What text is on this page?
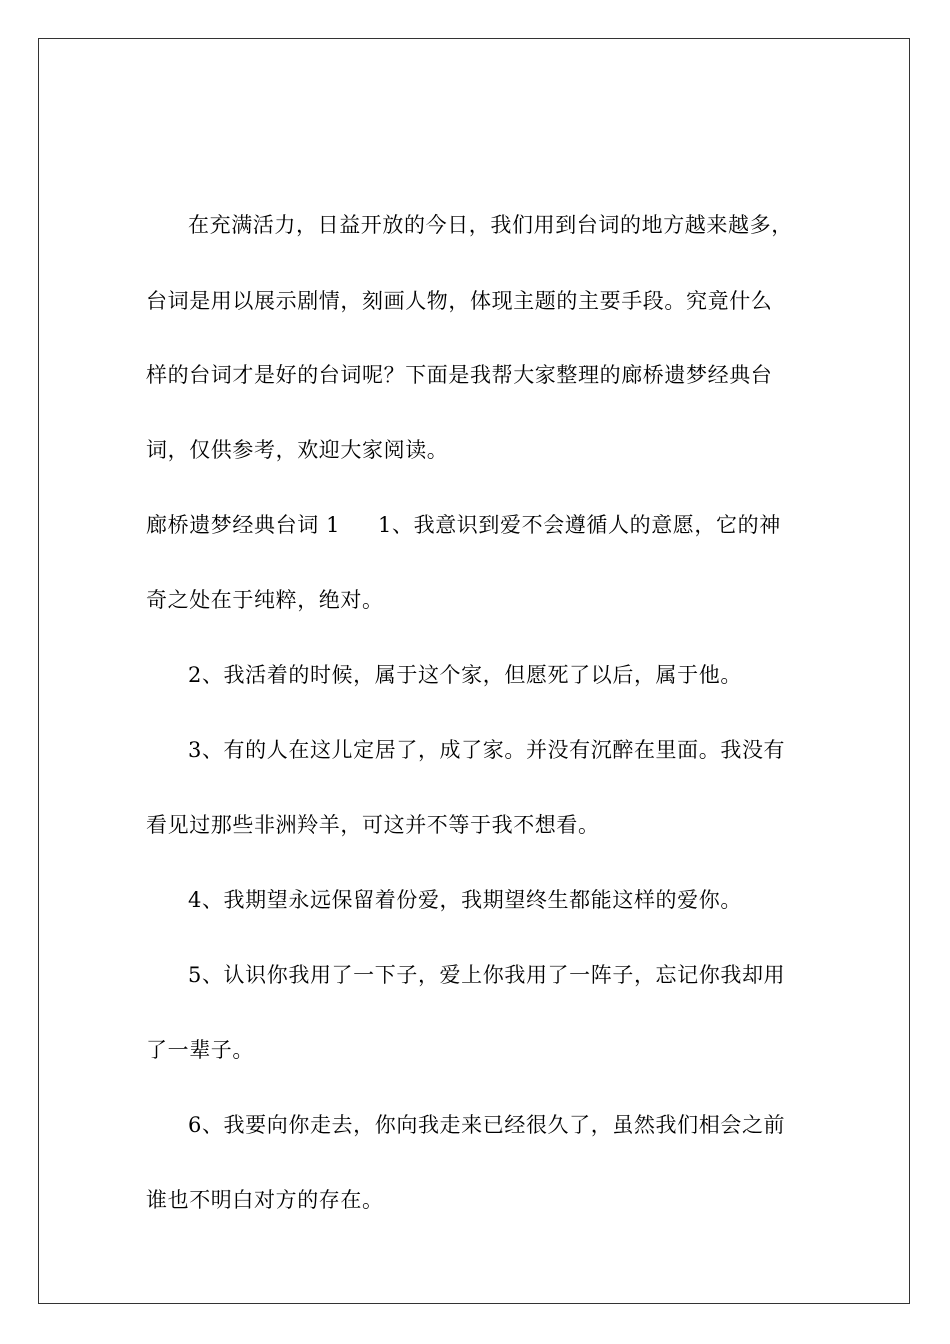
在充满活力，日益开放的今日，我们用到台词的地方越来越多，
台词是用以展示剧情，刻画人物，体现主题的主要手段。究竟什么
样的台词才是好的台词呢？下面是我帮大家整理的廊桥遗梦经典台
词，仅供参考，欢迎大家阅读。
廊桥遗梦经典台词 1 1、我意识到爱不会遵循人的意愿，它的神
奇之处在于纯粹，绝对。
2、我活着的时候，属于这个家，但愿死了以后，属于他。
3、有的人在这儿定居了，成了家。并没有沉醉在里面。我没有
看见过那些非洲羚羊，可这并不等于我不想看。
4、我期望永远保留着份爱，我期望终生都能这样的爱你。
5、认识你我用了一下子，爱上你我用了一阵子，忘记你我却用
了一辈子。
6、我要向你走去，你向我走来已经很久了，虽然我们相会之前
谁也不明白对方的存在。
